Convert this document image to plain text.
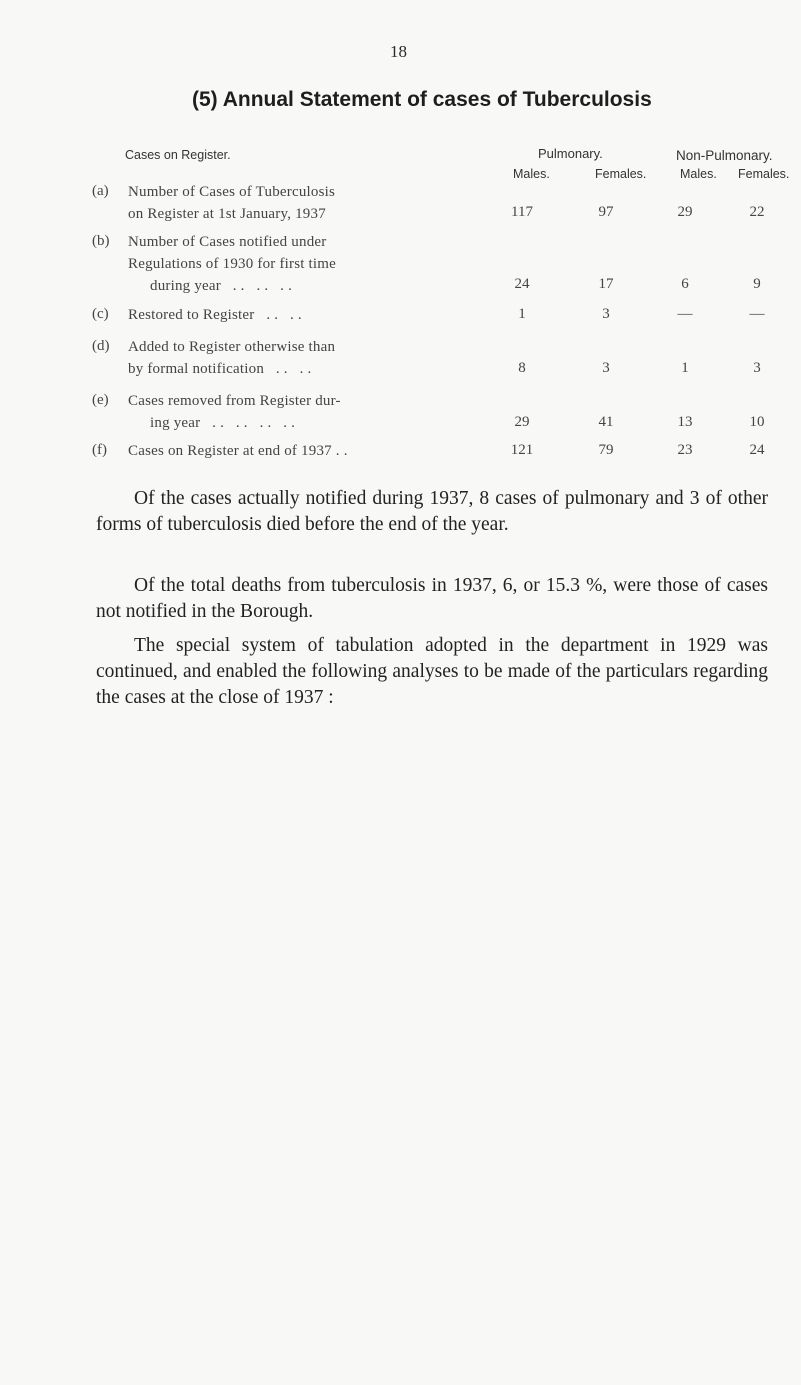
18
(5) Annual Statement of cases of Tuberculosis
Cases on Register.	Pulmonary.	Non-Pulmonary.
Males.	Females.	Males. Females.
(a) Number of Cases of Tuberculosis
on Register at 1st January, 1937	117	97	29	22
(b) Number of Cases notified under
Regulations of 1930 for first time
during year   . .   . .   . .	24	17	6	9
(c) Restored to Register   . .   . .	1	3	—	—
(d) Added to Register otherwise than
by formal notification   . .   . .	8	3	1	3
(e) Cases removed from Register dur-
ing year   . .   . .   . .   . .	29	41	13	10
(f) Cases on Register at end of 1937 . .	121	79	23	24
Of the cases actually notified during 1937, 8 cases of pulmonary and 3 of other forms of tuberculosis died before the end of the year.
Of the total deaths from tuberculosis in 1937, 6, or 15.3 %, were those of cases not notified in the Borough.
The special system of tabulation adopted in the department in 1929 was continued, and enabled the following analyses to be made of the particulars regarding the cases at the close of 1937 :
